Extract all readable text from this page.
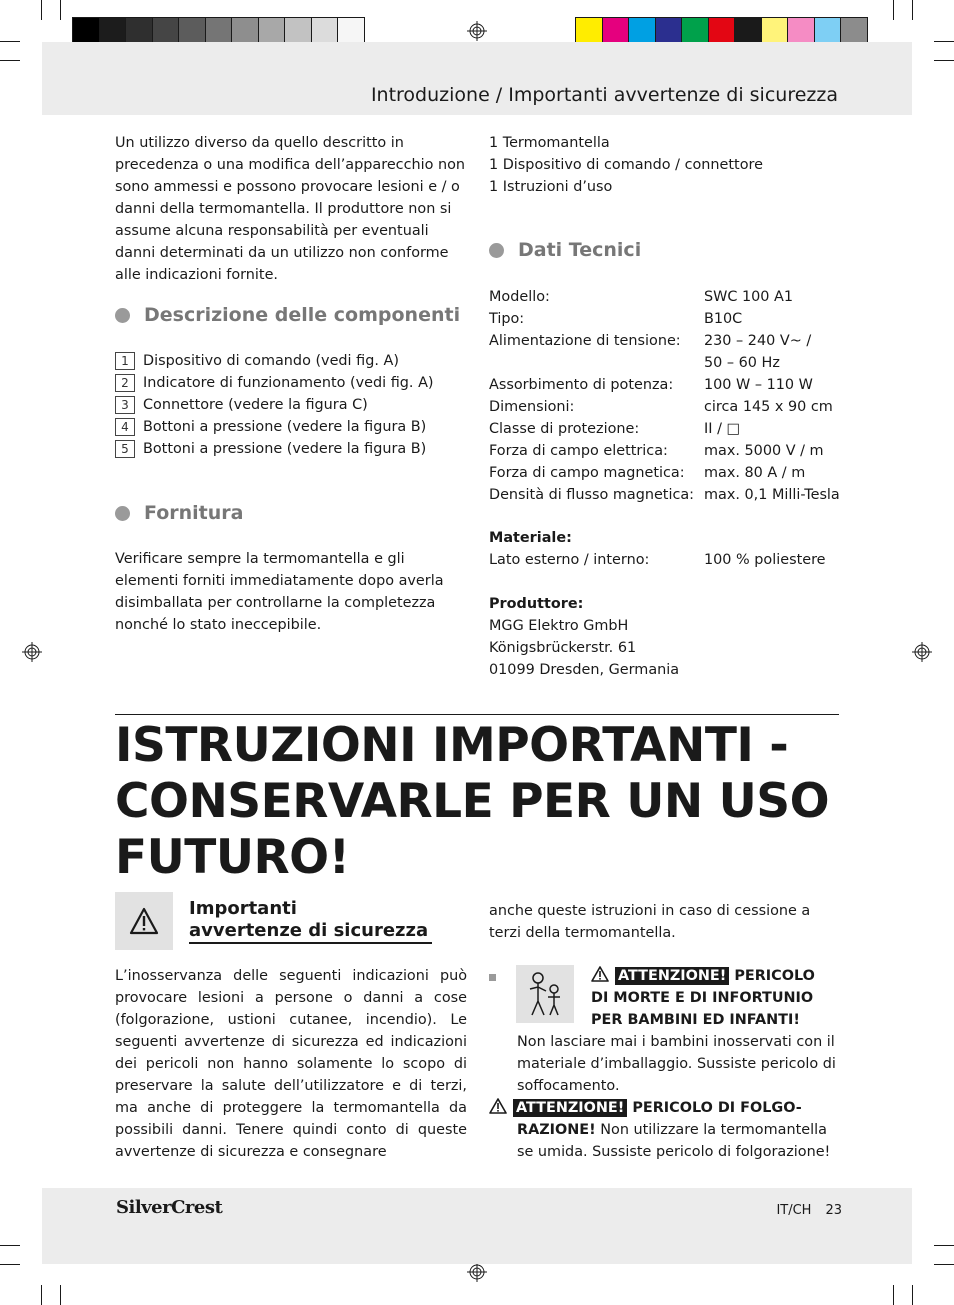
Introduzione / Importanti avvertenze di sicurezza

Un utilizzo diverso da quello descritto in precedenza o una modifica dell’apparecchio non sono ammessi e possono provocare lesioni e / o danni della termomantella. Il produttore non si assume alcuna responsabilità per eventuali danni determinati da un utilizzo non conforme alle indicazioni fornite.

Descrizione delle componenti
1 Dispositivo di comando (vedi fig. A)
2 Indicatore di funzionamento (vedi fig. A)
3 Connettore (vedere la figura C)
4 Bottoni a pressione (vedere la figura B)
5 Bottoni a pressione (vedere la figura B)
Fornitura

Verificare sempre la termomantella e gli elementi forniti immediatamente dopo averla disimballata per controllarne la completezza nonché lo stato ineccepibile.

1 Termomantella

1 Dispositivo di comando / connettore

1 Istruzioni d’uso

Dati Tecnici
Modello:	SWC 100 A1
Tipo:	B10C
Alimentazione di tensione:	230 – 240 V~ /
50 – 60 Hz
Assorbimento di potenza:	100 W – 110 W
Dimensioni:	circa 145 x 90 cm
Classe di protezione:	II / □
Forza di campo elettrica:	max. 5000 V / m
Forza di campo magnetica:	max. 80 A / m
Densità di flusso magnetica: max. 0,1 Milli-Tesla
Materiale:
Lato esterno / interno:	100 % poliestere
Produttore:
MGG Elektro GmbH
Königsbrückerstr. 61
01099 Dresden, Germania
ISTRUZIONI IMPORTANTI - CONSERVARLE PER UN USO FUTURO!
Importanti
avvertenze di sicurezza

L’inosservanza delle seguenti indicazioni può provocare lesioni a persone o danni a cose (folgorazione, ustioni cutanee, incendio). Le seguenti avvertenze di sicurezza ed indicazioni dei pericoli non hanno solamente lo scopo di preservare la salute dell’utilizzatore e di terzi, ma anche di proteggere la termomantella da possibili danni. Tenere quindi conto di queste avvertenze di sicurezza e consegnare

anche queste istruzioni in caso di cessione a terzi della termomantella.

ATTENZIONE! PERICOLO
DI MORTE E DI INFORTUNIO
PER BAMBINI ED INFANTI!

Non lasciare mai i bambini inosservati con il materiale d’imballaggio. Sussiste pericolo di soffocamento.

ATTENZIONE! PERICOLO DI FOLGO-
RAZIONE! Non utilizzare la termomantella
se umida. Sussiste pericolo di folgorazione!
SilverCrest	IT/CH 23
